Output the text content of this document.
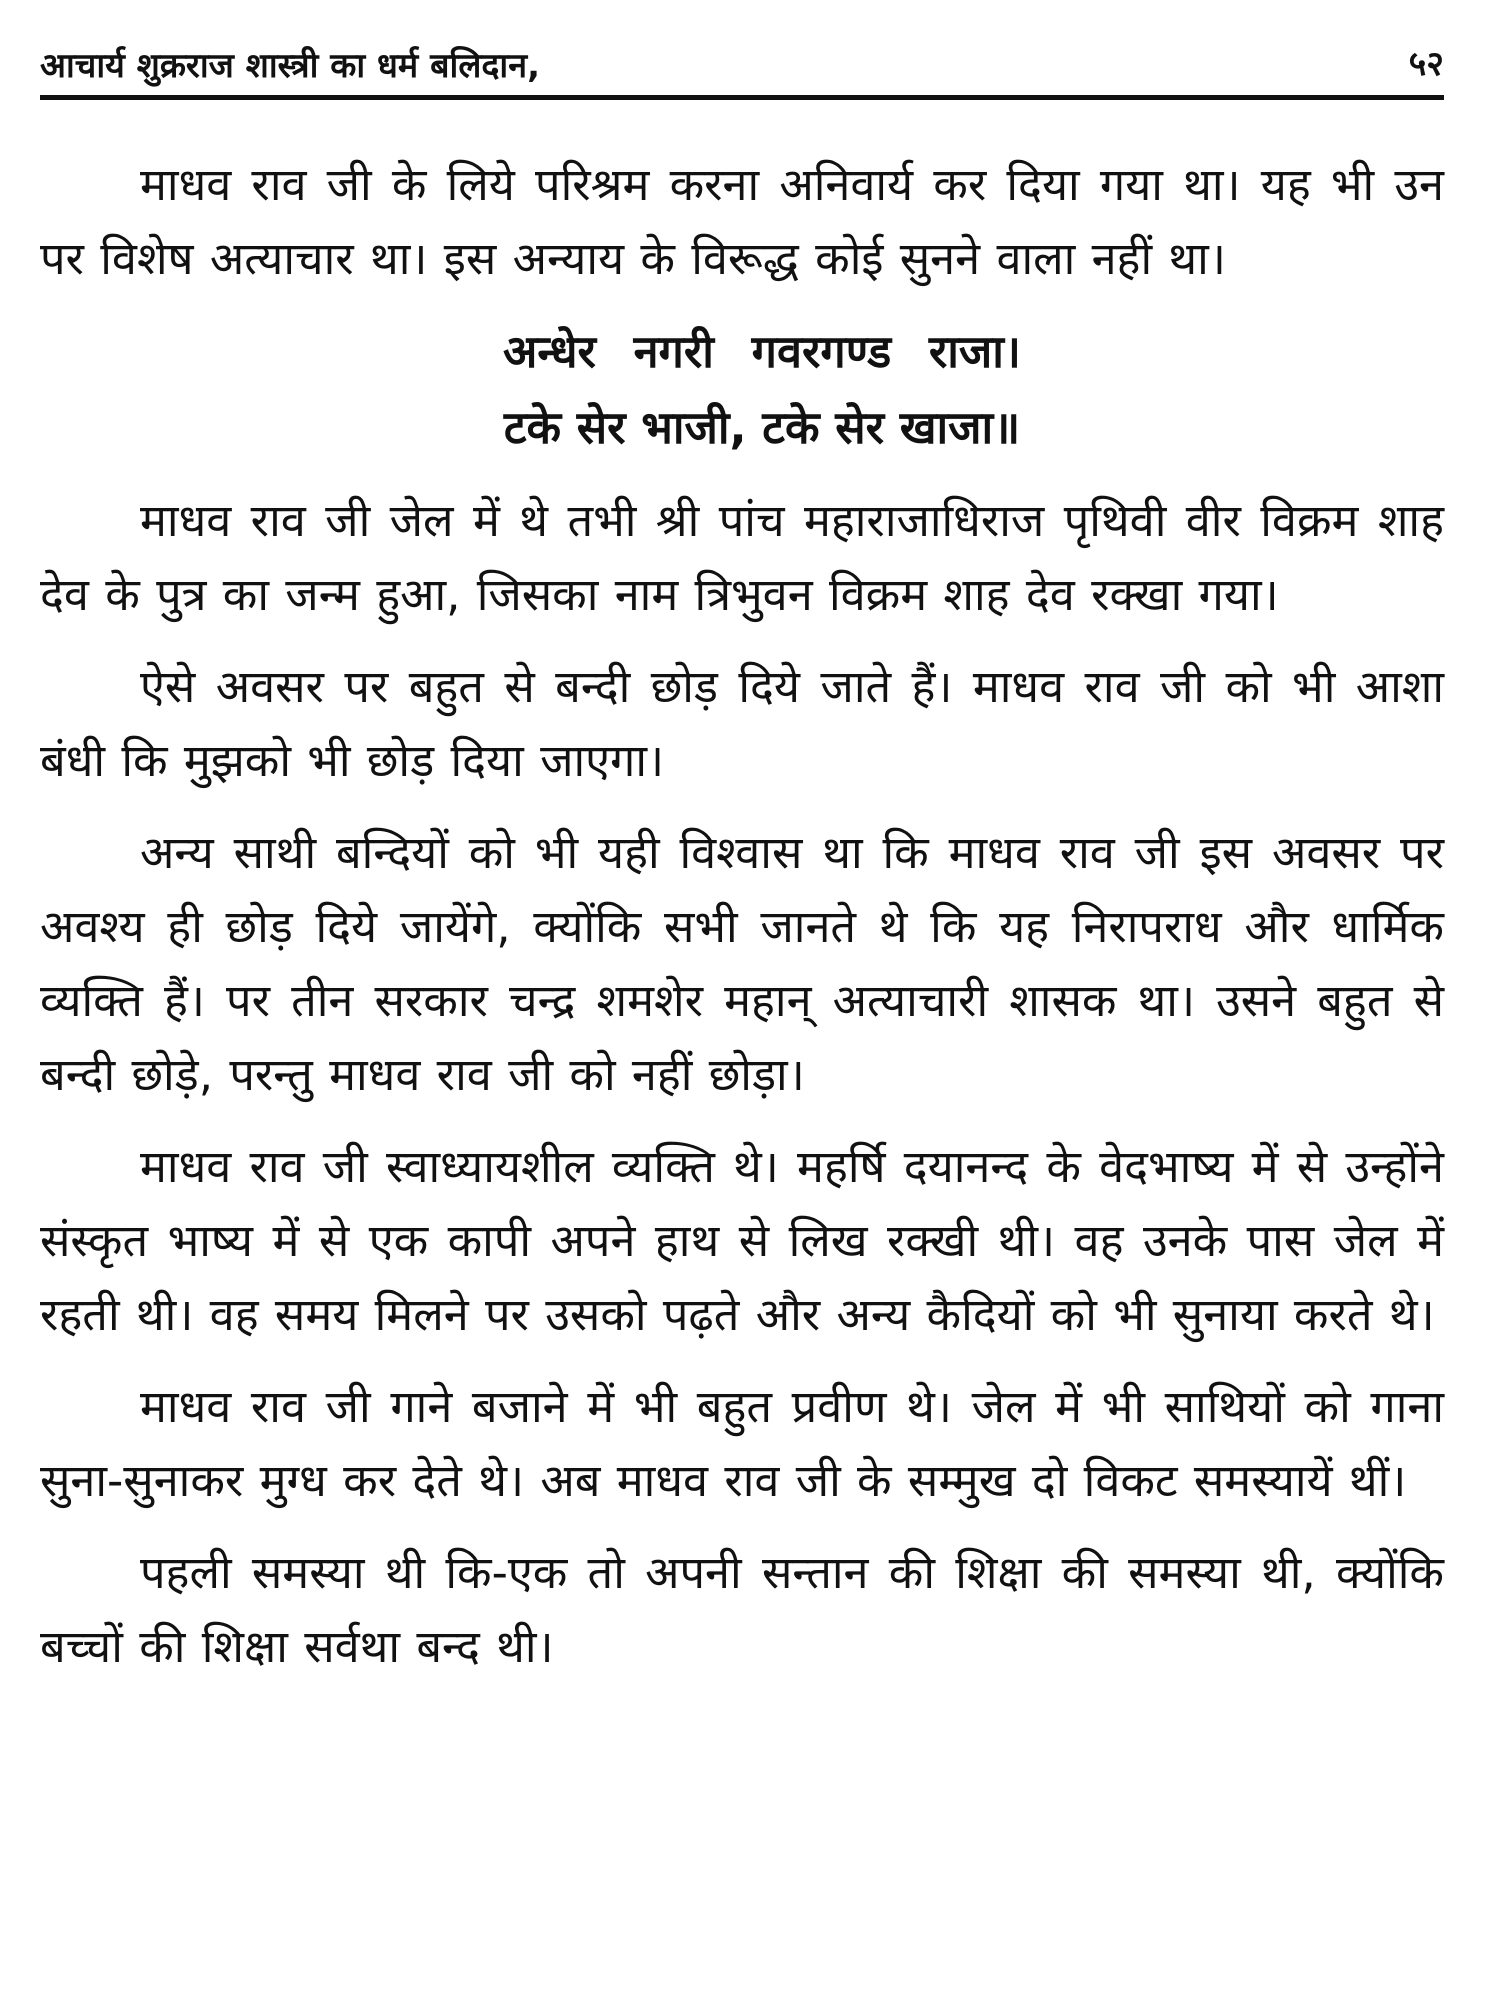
आचार्य शुक्रराज शास्त्री का धर्म बलिदान,	५२

माधव राव जी के लिये परिश्रम करना अनिवार्य कर दिया गया था। यह भी उन पर विशेष अत्याचार था। इस अन्याय के विरूद्ध कोई सुनने वाला नहीं था।

अन्धेर नगरी गवरगण्ड राजा।
टके सेर भाजी, टके सेर खाजा॥

माधव राव जी जेल में थे तभी श्री पांच महाराजाधिराज पृथिवी वीर विक्रम शाह देव के पुत्र का जन्म हुआ, जिसका नाम त्रिभुवन विक्रम शाह देव रक्खा गया।

ऐसे अवसर पर बहुत से बन्दी छोड़ दिये जाते हैं। माधव राव जी को भी आशा बंधी कि मुझको भी छोड़ दिया जाएगा।

अन्य साथी बन्दियों को भी यही विश्वास था कि माधव राव जी इस अवसर पर अवश्य ही छोड़ दिये जायेंगे, क्योंकि सभी जानते थे कि यह निरापराध और धार्मिक व्यक्ति हैं। पर तीन सरकार चन्द्र शमशेर महान् अत्याचारी शासक था। उसने बहुत से बन्दी छोड़े, परन्तु माधव राव जी को नहीं छोड़ा।

माधव राव जी स्वाध्यायशील व्यक्ति थे। महर्षि दयानन्द के वेदभाष्य में से उन्होंने संस्कृत भाष्य में से एक कापी अपने हाथ से लिख रक्खी थी। वह उनके पास जेल में रहती थी। वह समय मिलने पर उसको पढ़ते और अन्य कैदियों को भी सुनाया करते थे।

माधव राव जी गाने बजाने में भी बहुत प्रवीण थे। जेल में भी साथियों को गाना सुना-सुनाकर मुग्ध कर देते थे। अब माधव राव जी के सम्मुख दो विकट समस्यायें थीं।

पहली समस्या थी कि-एक तो अपनी सन्तान की शिक्षा की समस्या थी, क्योंकि बच्चों की शिक्षा सर्वथा बन्द थी।
